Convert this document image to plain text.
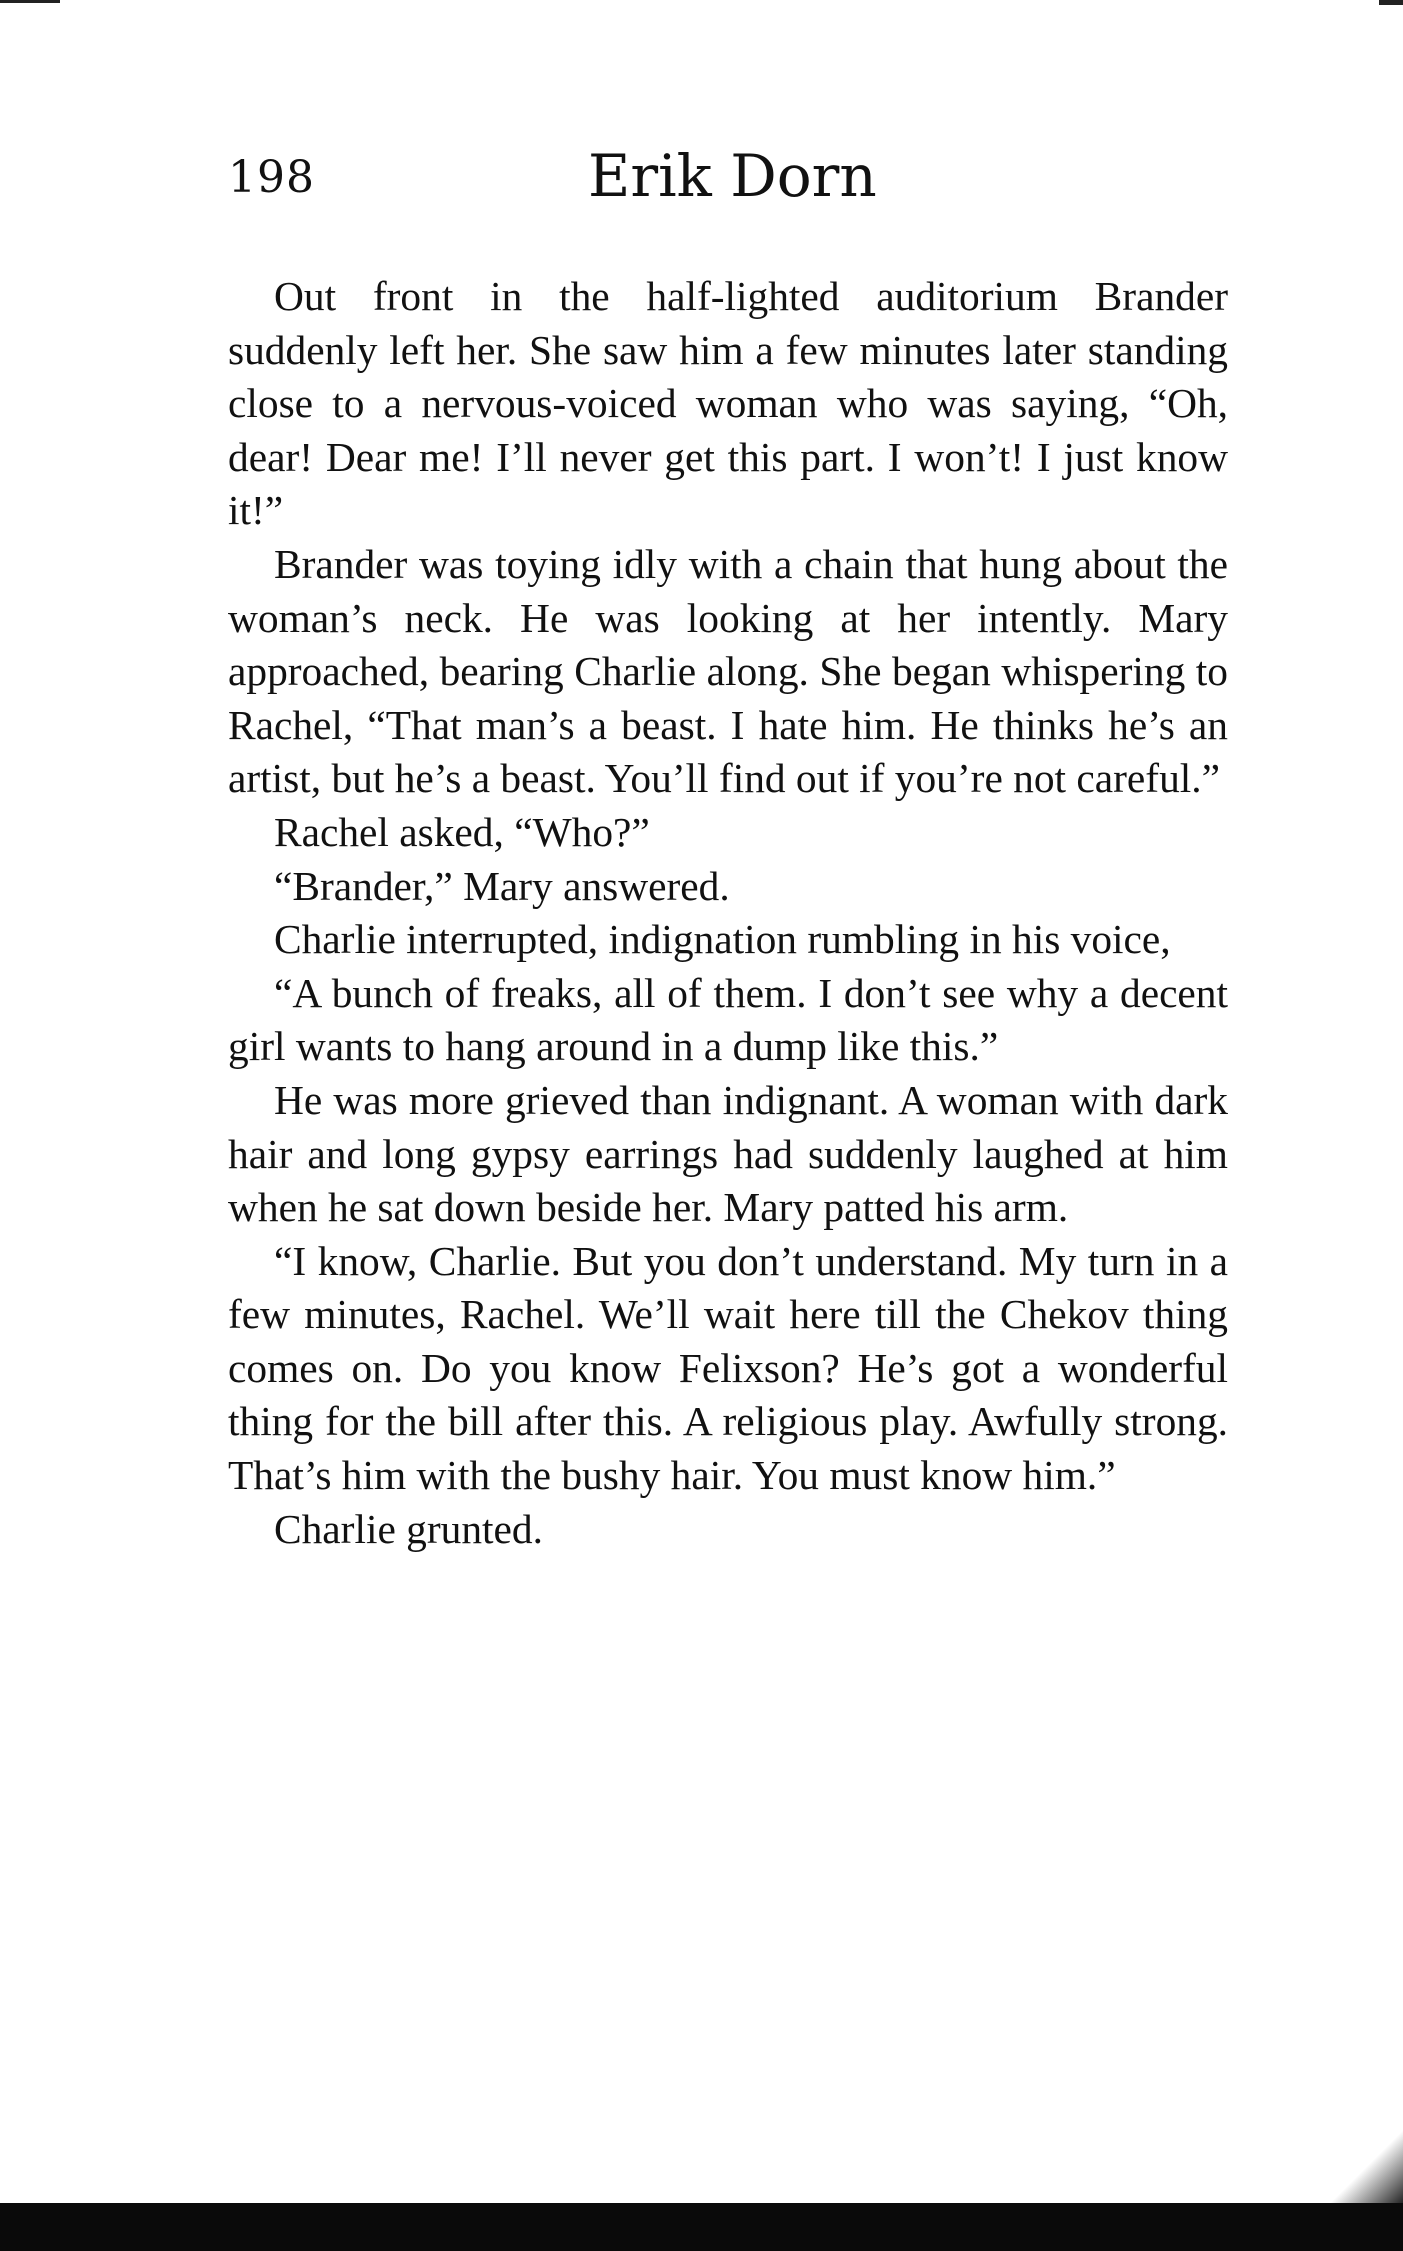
198	Erik Dorn

Out front in the half-lighted auditorium Brander suddenly left her. She saw him a few minutes later standing close to a nervous-voiced woman who was saying, “Oh, dear! Dear me! I’ll never get this part. I won’t! I just know it!”

Brander was toying idly with a chain that hung about the woman’s neck. He was looking at her intently. Mary approached, bearing Charlie along. She began whispering to Rachel, “That man’s a beast. I hate him. He thinks he’s an artist, but he’s a beast. You’ll find out if you’re not careful.”

Rachel asked, “Who?”

“Brander,” Mary answered.

Charlie interrupted, indignation rumbling in his voice,

“A bunch of freaks, all of them. I don’t see why a decent girl wants to hang around in a dump like this.”

He was more grieved than indignant. A woman with dark hair and long gypsy earrings had suddenly laughed at him when he sat down beside her. Mary patted his arm.

“I know, Charlie. But you don’t understand. My turn in a few minutes, Rachel. We’ll wait here till the Chekov thing comes on. Do you know Felixson? He’s got a wonderful thing for the bill after this. A religious play. Awfully strong. That’s him with the bushy hair. You must know him.”

Charlie grunted.
